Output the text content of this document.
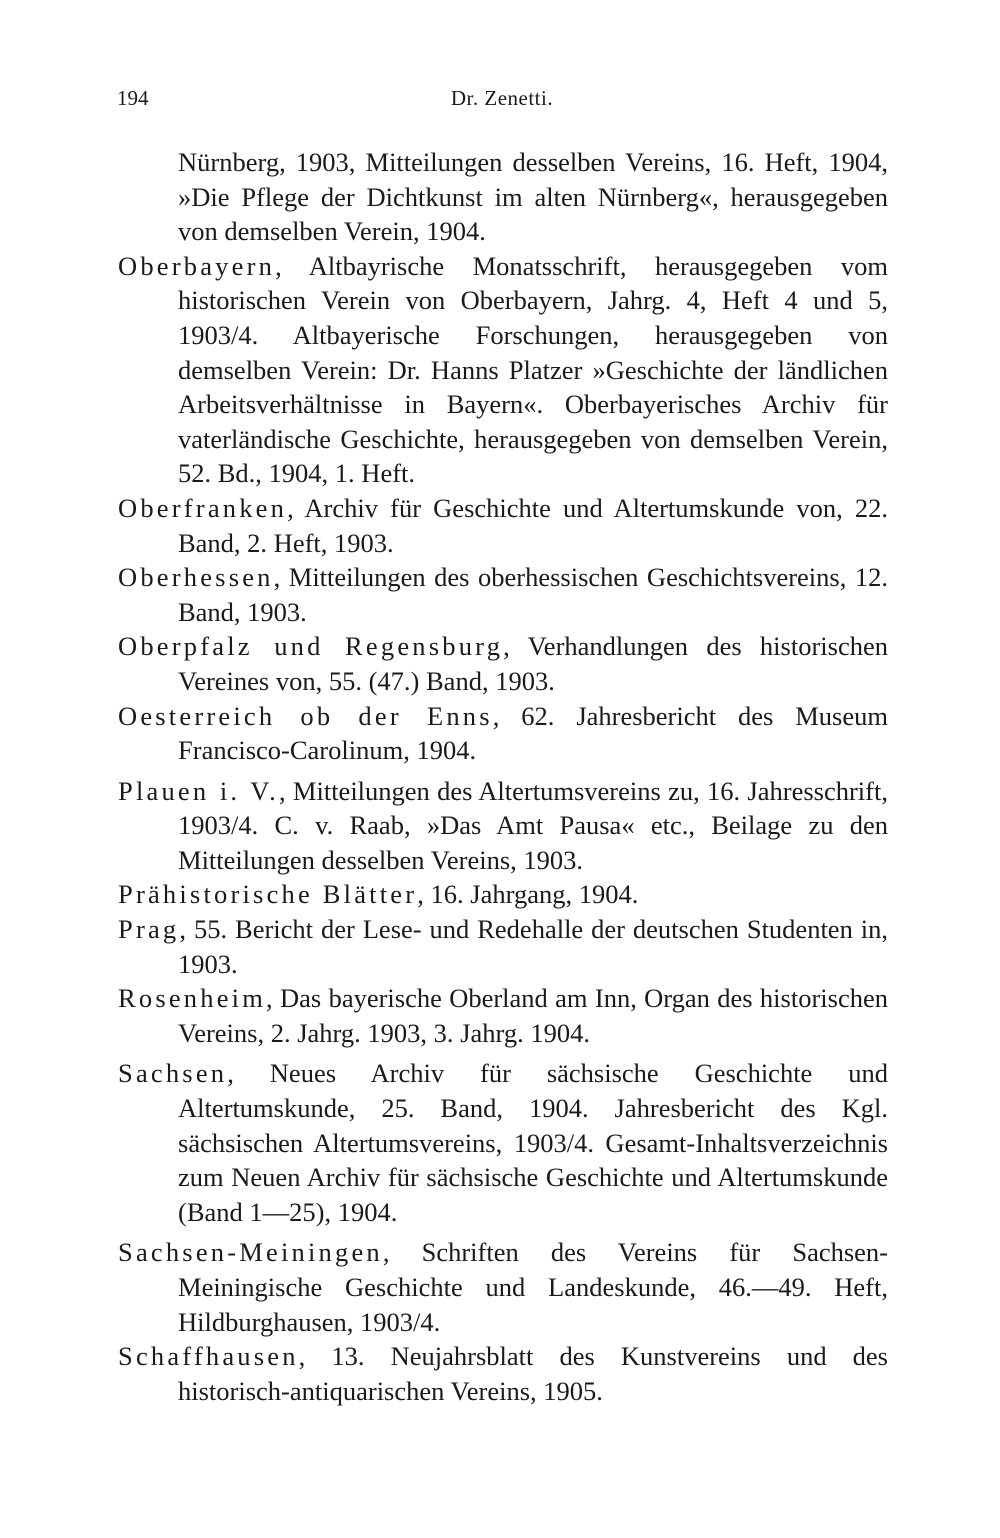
194	Dr. Zenetti.

Nürnberg, 1903, Mitteilungen desselben Vereins, 16. Heft, 1904, »Die Pflege der Dichtkunst im alten Nürnberg«, herausgegeben von demselben Verein, 1904.

Oberbayern, Altbayrische Monatsschrift, herausgegeben vom historischen Verein von Oberbayern, Jahrg. 4, Heft 4 und 5, 1903/4. Altbayerische Forschungen, herausgegeben von demselben Verein: Dr. Hanns Platzer »Geschichte der ländlichen Arbeitsverhältnisse in Bayern«. Oberbayerisches Archiv für vaterländische Geschichte, herausgegeben von demselben Verein, 52. Bd., 1904, 1. Heft.

Oberfranken, Archiv für Geschichte und Altertumskunde von, 22. Band, 2. Heft, 1903.

Oberhessen, Mitteilungen des oberhessischen Geschichtsvereins, 12. Band, 1903.

Oberpfalz und Regensburg, Verhandlungen des historischen Vereines von, 55. (47.) Band, 1903.

Oesterreich ob der Enns, 62. Jahresbericht des Museum Francisco-Carolinum, 1904.

Plauen i. V., Mitteilungen des Altertumsvereins zu, 16. Jahresschrift, 1903/4. C. v. Raab, »Das Amt Pausa« etc., Beilage zu den Mitteilungen desselben Vereins, 1903.

Prähistorische Blätter, 16. Jahrgang, 1904.

Prag, 55. Bericht der Lese- und Redehalle der deutschen Studenten in, 1903.

Rosenheim, Das bayerische Oberland am Inn, Organ des historischen Vereins, 2. Jahrg. 1903, 3. Jahrg. 1904.

Sachsen, Neues Archiv für sächsische Geschichte und Altertumskunde, 25. Band, 1904. Jahresbericht des Kgl. sächsischen Altertumsvereins, 1903/4. Gesamt-Inhaltsverzeichnis zum Neuen Archiv für sächsische Geschichte und Altertumskunde (Band 1—25), 1904.

Sachsen-Meiningen, Schriften des Vereins für Sachsen-Meiningische Geschichte und Landeskunde, 46.—49. Heft, Hildburghausen, 1903/4.

Schaffhausen, 13. Neujahrsblatt des Kunstvereins und des historisch-antiquarischen Vereins, 1905.
